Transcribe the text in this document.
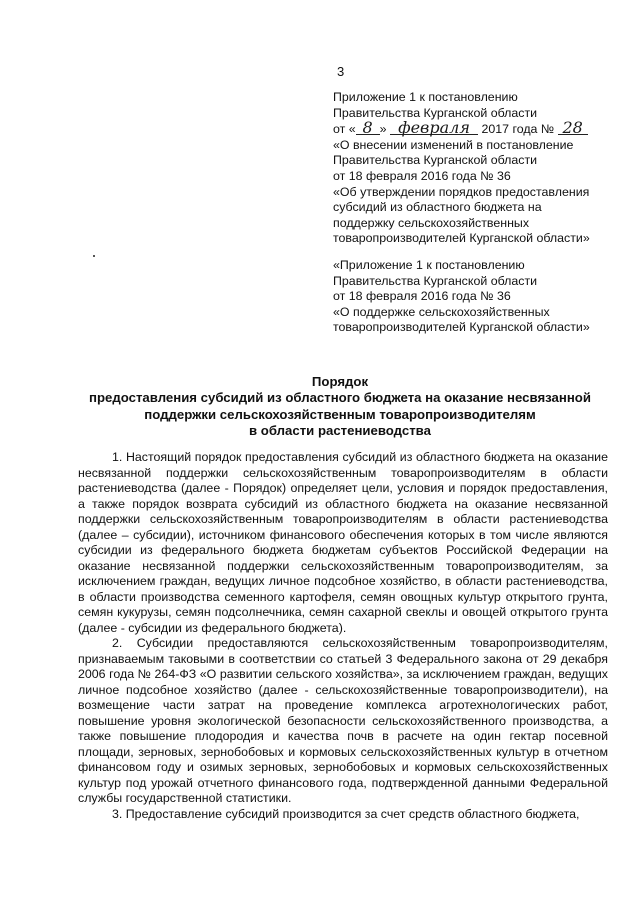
3
Приложение 1 к постановлению
Правительства Курганской области
от « 8 » февраля 2017 года № 28
«О внесении изменений в постановление
Правительства Курганской области
от 18 февраля 2016 года № 36
«Об утверждении порядков предоставления
субсидий из областного бюджета на
поддержку сельскохозяйственных
товаропроизводителей Курганской области»
«Приложение 1 к постановлению
Правительства Курганской области
от 18 февраля 2016 года № 36
«О поддержке сельскохозяйственных
товаропроизводителей Курганской области»
Порядок
предоставления субсидий из областного бюджета на оказание несвязанной
поддержки сельскохозяйственным товаропроизводителям
в области растениеводства

1. Настоящий порядок предоставления субсидий из областного бюджета на оказание несвязанной поддержки сельскохозяйственным товаропроизводителям в области растениеводства (далее - Порядок) определяет цели, условия и порядок предоставления, а также порядок возврата субсидий из областного бюджета на оказание несвязанной поддержки сельскохозяйственным товаропроизводителям в области растениеводства (далее – субсидии), источником финансового обеспечения которых в том числе являются субсидии из федерального бюджета бюджетам субъектов Российской Федерации на оказание несвязанной поддержки сельскохозяйственным товаропроизводителям, за исключением граждан, ведущих личное подсобное хозяйство, в области растениеводства, в области производства семенного картофеля, семян овощных культур открытого грунта, семян кукурузы, семян подсолнечника, семян сахарной свеклы и овощей открытого грунта (далее - субсидии из федерального бюджета).

2. Субсидии предоставляются сельскохозяйственным товаропроизводителям, признаваемым таковыми в соответствии со статьей 3 Федерального закона от 29 декабря 2006 года № 264-ФЗ «О развитии сельского хозяйства», за исключением граждан, ведущих личное подсобное хозяйство (далее - сельскохозяйственные товаропроизводители), на возмещение части затрат на проведение комплекса агротехнологических работ, повышение уровня экологической безопасности сельскохозяйственного производства, а также повышение плодородия и качества почв в расчете на один гектар посевной площади, зерновых, зернобобовых и кормовых сельскохозяйственных культур в отчетном финансовом году и озимых зерновых, зернобобовых и кормовых сельскохозяйственных культур под урожай отчетного финансового года, подтвержденной данными Федеральной службы государственной статистики.

3. Предоставление субсидий производится за счет средств областного бюджета,
